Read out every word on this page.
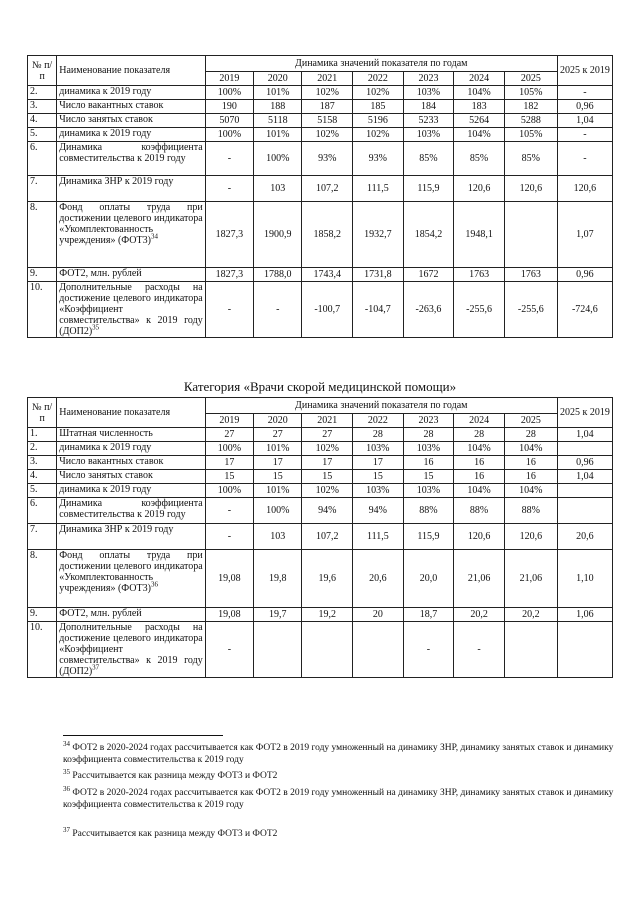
№ п/п	Наименование показателя	Динамика значений показателя по годам							2025 к 2019
		2019	2020	2021	2022	2023	2024	2025	
2.	динамика к 2019 году	100%	101%	102%	102%	103%	104%	105%	-
3.	Число вакантных ставок	190	188	187	185	184	183	182	0,96
4.	Число занятых ставок	5070	5118	5158	5196	5233	5264	5288	1,04
5.	динамика к 2019 году	100%	101%	102%	102%	103%	104%	105%	-
6.	Динамика коэффициента совместительства к 2019 году	-	100%	93%	93%	85%	85%	85%	-
7.	Динамика ЗНР к 2019 году	-	103	107,2	111,5	115,9	120,6	120,6	120,6
8.	Фонд оплаты труда при достижении целевого индикатора «Укомплектованность учреждения» $(ФОТ3)^{34}$	1827,3	1900,9	1858,2	1932,7	1854,2	1948,1		1,07
9.	ФОТ2, млн. рублей	1827,3	1788,0	1743,4	1731,8	1672	1763	1763	0,96
10.	Дополнительные расходы на достижение целевого индикатора «Коэффициент совместительства» к 2019 году $(ДОП2)^{35}$	-	-	-100,7	-104,7	-263,6	-255,6	-255,6	-724,6
Категория «Врачи скорой медицинской помощи»
№ п/п	Наименование показателя	Динамика значений показателя по годам							2025 к 2019
		2019	2020	2021	2022	2023	2024	2025	
1.	Штатная численность	27	27	27	28	28	28	28	1,04
2.	динамика к 2019 году	100%	101%	102%	103%	103%	104%	104%	
3.	Число вакантных ставок	17	17	17	17	16	16	16	0,96
4.	Число занятых ставок	15	15	15	15	15	16	16	1,04
5.	динамика к 2019 году	100%	101%	102%	103%	103%	104%	104%	
6.	Динамика коэффициента совместительства к 2019 году	-	100%	94%	94%	88%	88%	88%	
7.	Динамика ЗНР к 2019 году	-	103	107,2	111,5	115,9	120,6	120,6	20,6
8.	Фонд оплаты труда при достижении целевого индикатора «Укомплектованность учреждения» $(ФОТ3)^{36}$	19,08	19,8	19,6	20,6	20,0	21,06	21,06	1,10
9.	ФОТ2, млн. рублей	19,08	19,7	19,2	20	18,7	20,2	20,2	1,06
10.	Дополнительные расходы на достижение целевого индикатора «Коэффициент совместительства» к 2019 году $(ДОП2)^{37}$	-				-	-		
$^{34}$ ФОТ2 в 2020-2024 годах рассчитывается как ФОТ2 в 2019 году умноженный на динамику ЗНР, динамику занятых ставок и динамику коэффициента совместительства к 2019 году
$^{35}$ Рассчитывается как разница между ФОТ3 и ФОТ2
$^{36}$ ФОТ2 в 2020-2024 годах рассчитывается как ФОТ2 в 2019 году умноженный на динамику ЗНР, динамику занятых ставок и динамику коэффициента совместительства к 2019 году
$^{37}$ Рассчитывается как разница между ФОТ3 и ФОТ2
